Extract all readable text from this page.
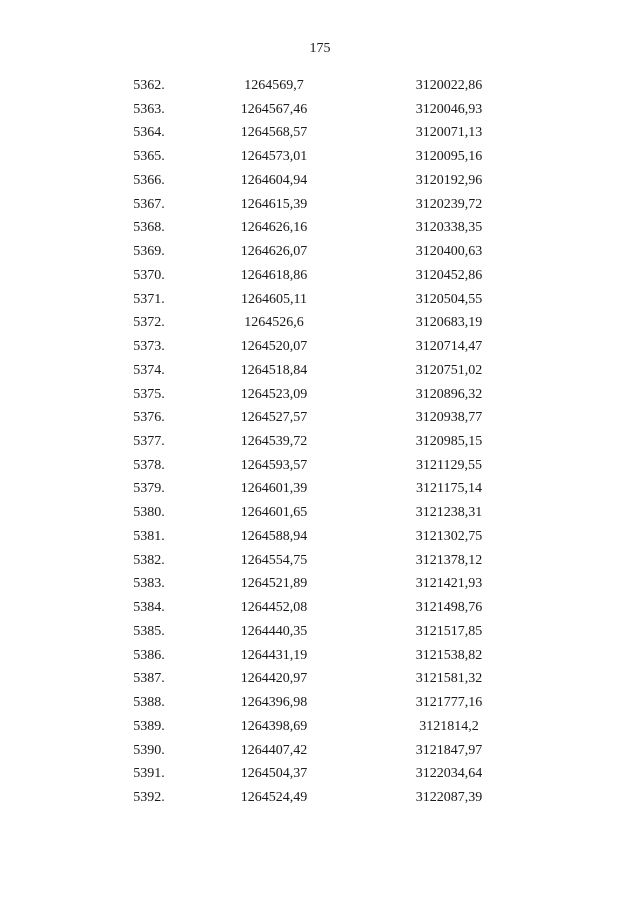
175
5362.	1264569,7	3120022,86
5363.	1264567,46	3120046,93
5364.	1264568,57	3120071,13
5365.	1264573,01	3120095,16
5366.	1264604,94	3120192,96
5367.	1264615,39	3120239,72
5368.	1264626,16	3120338,35
5369.	1264626,07	3120400,63
5370.	1264618,86	3120452,86
5371.	1264605,11	3120504,55
5372.	1264526,6	3120683,19
5373.	1264520,07	3120714,47
5374.	1264518,84	3120751,02
5375.	1264523,09	3120896,32
5376.	1264527,57	3120938,77
5377.	1264539,72	3120985,15
5378.	1264593,57	3121129,55
5379.	1264601,39	3121175,14
5380.	1264601,65	3121238,31
5381.	1264588,94	3121302,75
5382.	1264554,75	3121378,12
5383.	1264521,89	3121421,93
5384.	1264452,08	3121498,76
5385.	1264440,35	3121517,85
5386.	1264431,19	3121538,82
5387.	1264420,97	3121581,32
5388.	1264396,98	3121777,16
5389.	1264398,69	3121814,2
5390.	1264407,42	3121847,97
5391.	1264504,37	3122034,64
5392.	1264524,49	3122087,39
